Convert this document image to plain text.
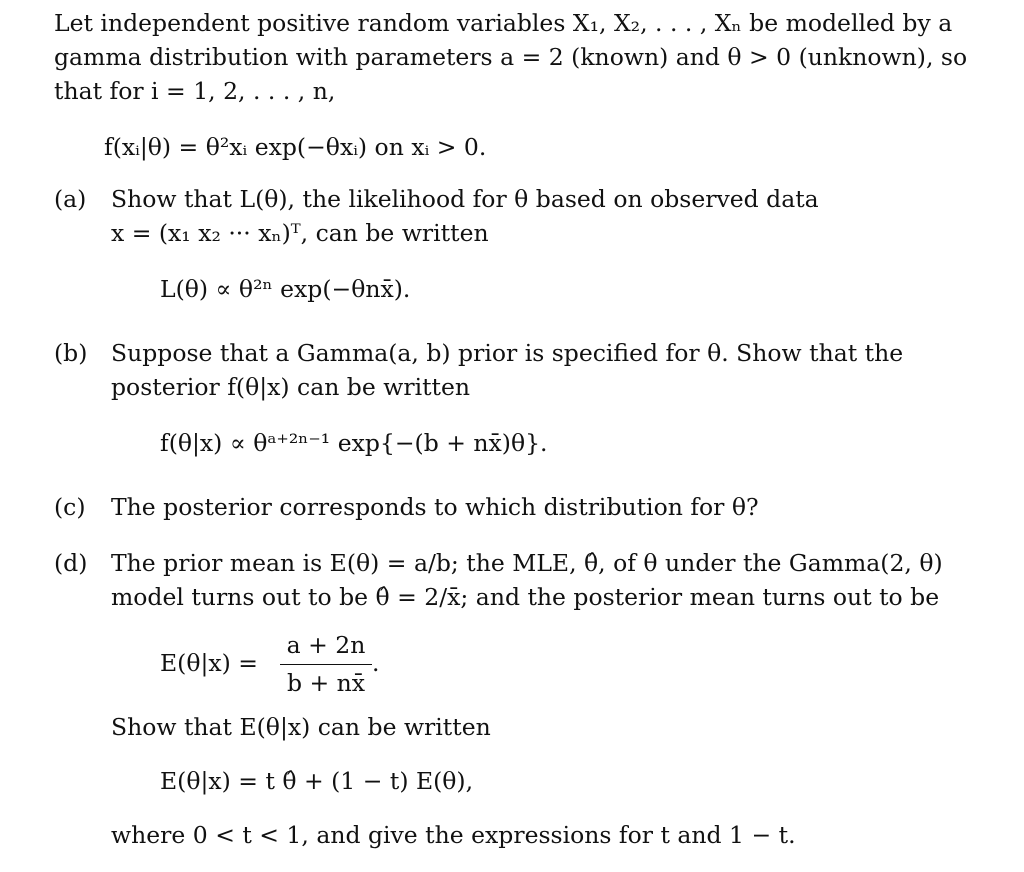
Let independent positive random variables X₁, X₂, . . . , Xₙ be modelled by a
gamma distribution with parameters a = 2 (known) and θ > 0 (unknown), so
that for i = 1, 2, . . . , n,
f(xᵢ|θ) = θ²xᵢ exp(−θxᵢ) on xᵢ > 0.
(a) Show that L(θ), the likelihood for θ based on observed data
x = (x₁ x₂ ··· xₙ)ᵀ, can be written
L(θ) ∝ θ²ⁿ exp(−θnx̄).
(b) Suppose that a Gamma(a, b) prior is specified for θ. Show that the
posterior f(θ|x) can be written
f(θ|x) ∝ θᵃ⁺²ⁿ⁻¹ exp{−(b + nx̄)θ}.
(c) The posterior corresponds to which distribution for θ?
(d) The prior mean is E(θ) = a/b; the MLE, θ̂, of θ under the Gamma(2, θ)
model turns out to be θ̂ = 2/x̄; and the posterior mean turns out to be
E(θ|x) =
a + 2n
b + nx̄
.
Show that E(θ|x) can be written
E(θ|x) = t θ̂ + (1 − t) E(θ),
where 0 < t < 1, and give the expressions for t and 1 − t.
